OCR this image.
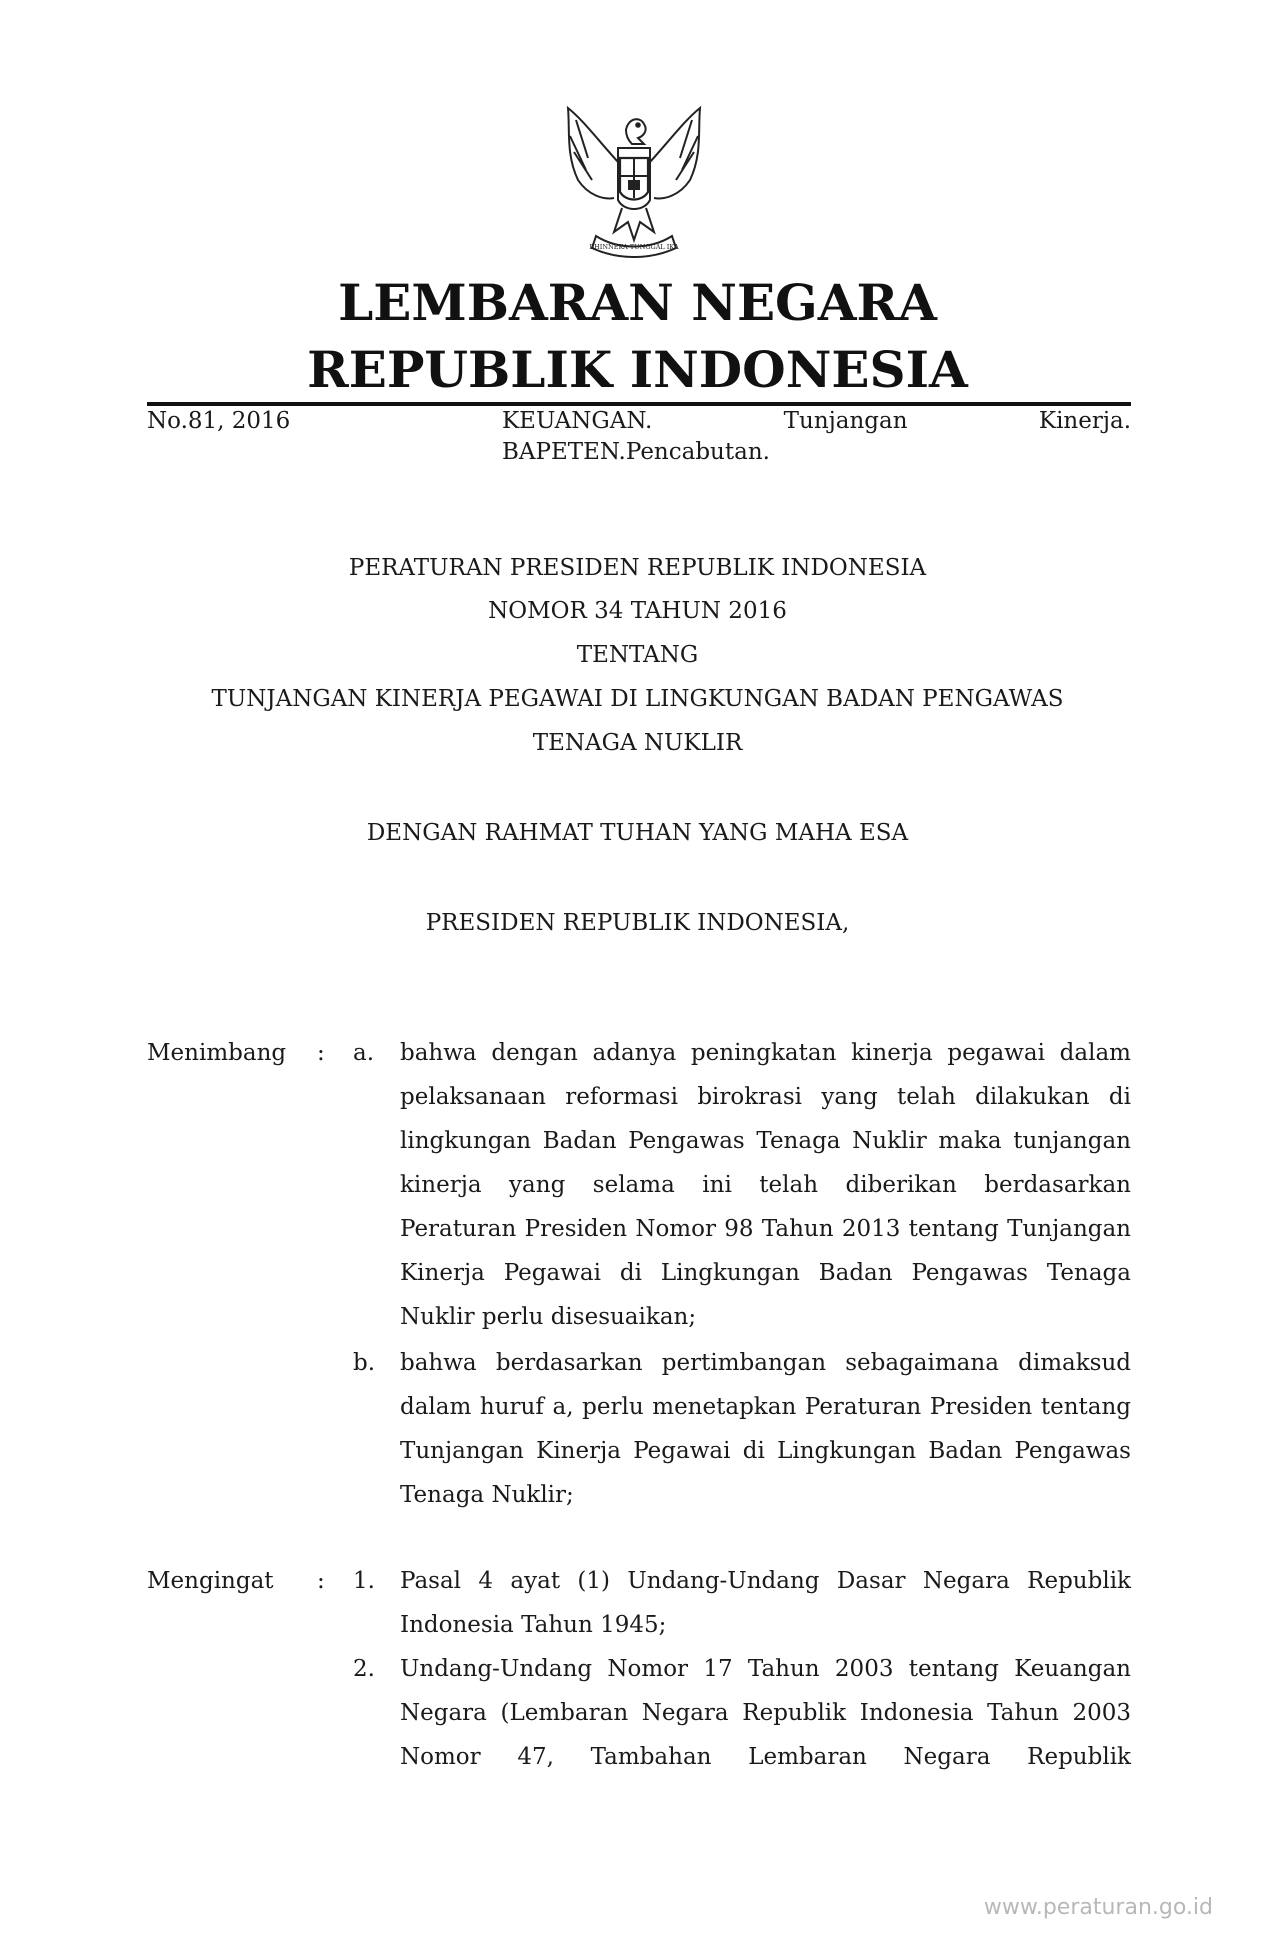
BHINNEKA TUNGGAL IKA
LEMBARAN NEGARA
REPUBLIK INDONESIA
No.81, 2016	KEUANGAN. Tunjangan Kinerja.
BAPETEN.Pencabutan.
PERATURAN PRESIDEN REPUBLIK INDONESIA
NOMOR 34 TAHUN 2016
TENTANG
TUNJANGAN KINERJA PEGAWAI DI LINGKUNGAN BADAN PENGAWAS
TENAGA NUKLIR
DENGAN RAHMAT TUHAN YANG MAHA ESA
PRESIDEN REPUBLIK INDONESIA,
Menimbang : a. bahwa dengan adanya peningkatan kinerja pegawai dalam pelaksanaan reformasi birokrasi yang telah dilakukan di lingkungan Badan Pengawas Tenaga Nuklir maka tunjangan kinerja yang selama ini telah diberikan berdasarkan Peraturan Presiden Nomor 98 Tahun 2013 tentang Tunjangan Kinerja Pegawai di Lingkungan Badan Pengawas Tenaga Nuklir perlu disesuaikan;
b. bahwa berdasarkan pertimbangan sebagaimana dimaksud dalam huruf a, perlu menetapkan Peraturan Presiden tentang Tunjangan Kinerja Pegawai di Lingkungan Badan Pengawas Tenaga Nuklir;
Mengingat : 1. Pasal 4 ayat (1) Undang-Undang Dasar Negara Republik Indonesia Tahun 1945;
2. Undang-Undang Nomor 17 Tahun 2003 tentang Keuangan Negara (Lembaran Negara Republik Indonesia Tahun 2003 Nomor 47, Tambahan Lembaran Negara Republik
www.peraturan.go.id
